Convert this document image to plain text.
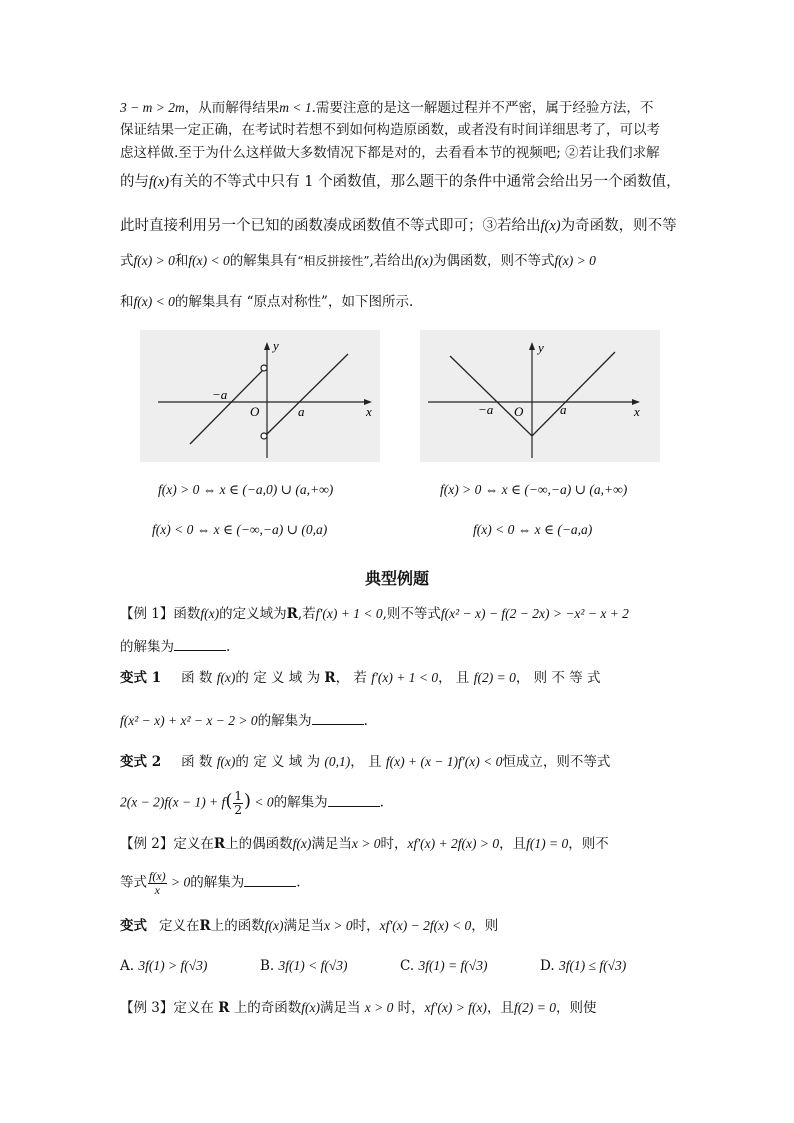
3 − m > 2m，从而解得结果m < 1.需要注意的是这一解题过程并不严密，属于经验方法，不
保证结果一定正确，在考试时若想不到如何构造原函数，或者没有时间详细思考了，可以考
虑这样做.至于为什么这样做大多数情况下都是对的，去看看本节的视频吧; ②若让我们求解
的与f(x)有关的不等式中只有 1 个函数值，那么题干的条件中通常会给出另一个函数值，
此时直接利用另一个已知的函数凑成函数值不等式即可；③若给出f(x)为奇函数，则不等
式f(x) > 0和f(x) < 0的解集具有“相反拼接性”,若给出f(x)为偶函数，则不等式f(x) > 0
和f(x) < 0的解集具有 “原点对称性”，如下图所示.
y
x
O
−a
a
y
x
O
−a	a
f(x) > 0 ⇔ x ∈ (−a,0) ∪ (a,+∞)
f(x) < 0 ⇔ x ∈ (−∞,−a) ∪ (0,a)
f(x) > 0 ⇔ x ∈ (−∞,−a) ∪ (a,+∞)
f(x) < 0 ⇔ x ∈ (−a,a)
典型例题
【例 1】函数f(x)的定义域为R,若f′(x) + 1 < 0,则不等式f(x² − x) − f(2 − 2x) > −x² − x + 2
的解集为	.
变式 1 函 数 f(x)的 定 义 域 为 R， 若 f′(x) + 1 < 0， 且 f(2) = 0， 则 不 等 式
f(x² − x) + x² − x − 2 > 0的解集为	.
变式 2 函 数 f(x)的 定 义 域 为 (0,1)， 且 f(x) + (x − 1)f′(x) < 0恒成立，则不等式
$2(x - 2)f(x - 1) + f( \frac{1}{2}$ ) < 0的解集为	.
【例 2】定义在R上的偶函数f(x)满足当x > 0时，xf′(x) + 2f(x) > 0，且f(1) = 0，则不
等式 $\frac{f(x)}{x} > 0$的解集为	.
变式 定义在R上的函数f(x)满足当x > 0时，xf′(x) − 2f(x) < 0，则
A. 3f(1) > f(√3)	B. 3f(1) < f(√3)	C. 3f(1) = f(√3)	D. 3f(1) ≤ f(√3)
【例 3】定义在 R 上的奇函数f(x)满足当 x > 0 时，xf′(x) > f(x)，且f(2) = 0，则使
